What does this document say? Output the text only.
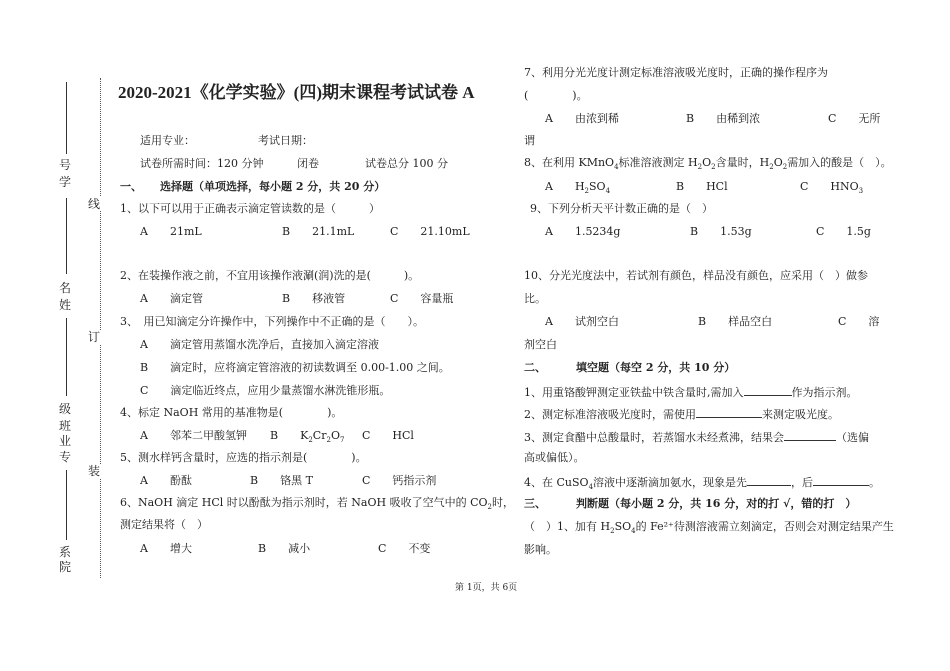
号
学
名
姓
级
班
业
专
系
院
线
订
装
2020-2021《化学实验》(四)期末课程考试试卷 A
适用专业：	考试日期：
试卷所需时间：120 分钟	闭卷	试卷总分 100 分
一、 选择题（单项选择，每小题 2 分，共 20 分）
1、以下可以用于正确表示滴定管读数的是（　　　）
A　　21mL	B　　21.1mL	C　　21.10mL
2、在装操作液之前，不宜用该操作液涮(润)洗的是(　　　)。
A　　滴定管	B　　移液管	C　　容量瓶
3、　用已知滴定分许操作中，下列操作中不正确的是（　　）。
A　　滴定管用蒸馏水洗净后，直接加入滴定溶液
B　　滴定时，应将滴定管溶液的初读数调至 0.00-1.00 之间。
C　　滴定临近终点，应用少量蒸馏水淋洗锥形瓶。
4、标定 NaOH 常用的基准物是(　　　　)。
A　　邻苯二甲酸氢钾 B　　$K_2Cr_2O_7$ C　　HCl
5、测水样钙含量时，应选的指示剂是(　　　　)。
A　　酚酞	B　　铬黑 T	C　　钙指示剂
6、NaOH 滴定 HCl 时以酚酞为指示剂时，若 NaOH 吸收了空气中的 $CO_2$时，
测定结果将（　）
A　　增大	B　　减小	C　　不变
7、利用分光光度计测定标准溶液吸光度时，正确的操作程序为
(　　　　)。
A　　由浓到稀	B　　由稀到浓	C　　无所
谓
8、在利用 KMnO$_4$标准溶液测定 $H_2O_2$含量时，$H_2O_2$需加入的酸是（　）。
A　　$H_2SO_4$	B　　HCl	C　　$HNO_3$
9、下列分析天平计数正确的是（　）
A　　1.5234g	B　　1.53g	C　　1.5g
10、分光光度法中，若试剂有颜色，样品没有颜色，应采用（　）做参
比。
A　　试剂空白	B　　样品空白	C　　溶
剂空白
二、	填空题（每空 2 分，共 10 分）
1、用重铬酸钾测定亚铁盐中铁含量时,需加入	作为指示剂。
2、测定标准溶液吸光度时，需使用	来测定吸光度。
3、测定食醋中总酸量时，若蒸馏水未经煮沸，结果会	（选偏
高或偏低）。
4、在 CuSO$_4$溶液中逐渐滴加氨水，现象是先	，后	。
三、	判断题（每小题 2 分，共 16 分，对的打 √，错的打　）
（　）1、加有 $H_2SO_4$的 Fe²⁺待测溶液需立刻滴定，否则会对测定结果产生
影响。
第 1页，共 6页
